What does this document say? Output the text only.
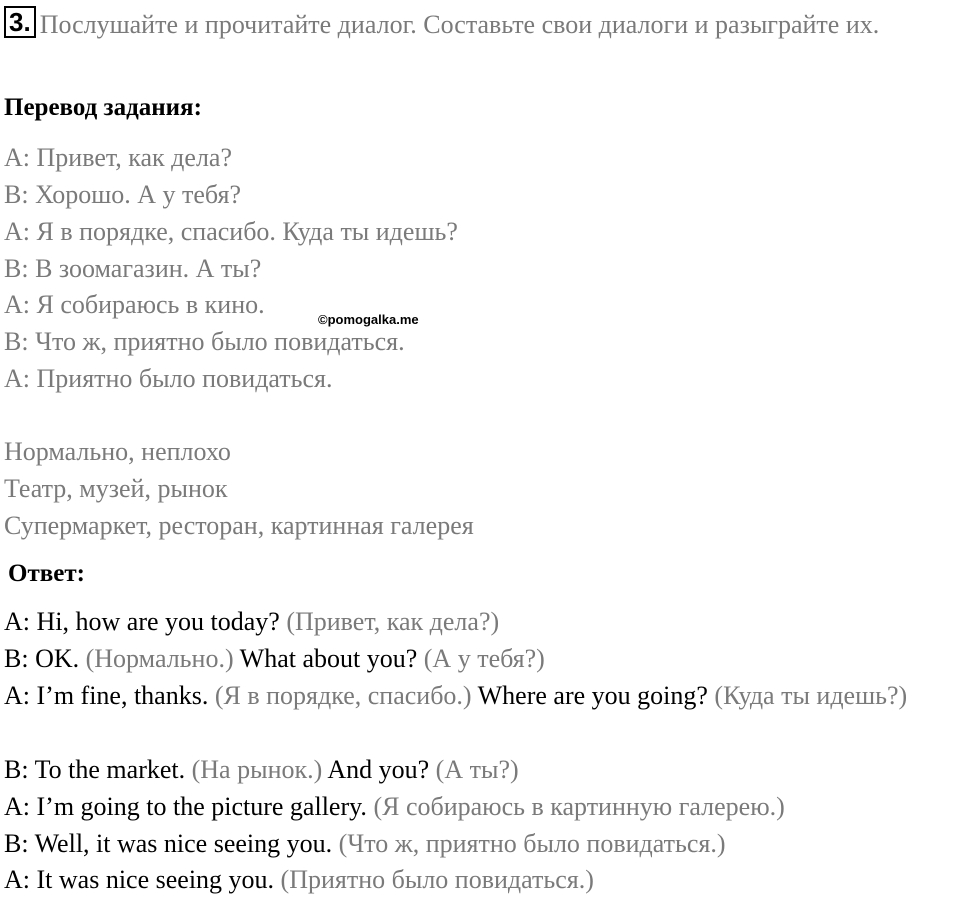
3. Послушайте и прочитайте диалог. Составьте свои диалоги и разыграйте их.
Перевод задания:
A: Привет, как дела?
B: Хорошо. А у тебя?
A: Я в порядке, спасибо. Куда ты идешь?
B: В зоомагазин. А ты?
A: Я собираюсь в кино.
B: Что ж, приятно было повидаться.
A: Приятно было повидаться.
Нормально, неплохо
Театр, музей, рынок
Супермаркет, ресторан, картинная галерея
©pomogalka.me
Ответ:
A: Hi, how are you today? (Привет, как дела?)
B: OK. (Нормально.) What about you? (А у тебя?)
A: I’m fine, thanks. (Я в порядке, спасибо.) Where are you going? (Куда ты идешь?)
B: To the market. (На рынок.) And you? (А ты?)
A: I’m going to the picture gallery. (Я собираюсь в картинную галерею.)
B: Well, it was nice seeing you. (Что ж, приятно было повидаться.)
A: It was nice seeing you. (Приятно было повидаться.)
